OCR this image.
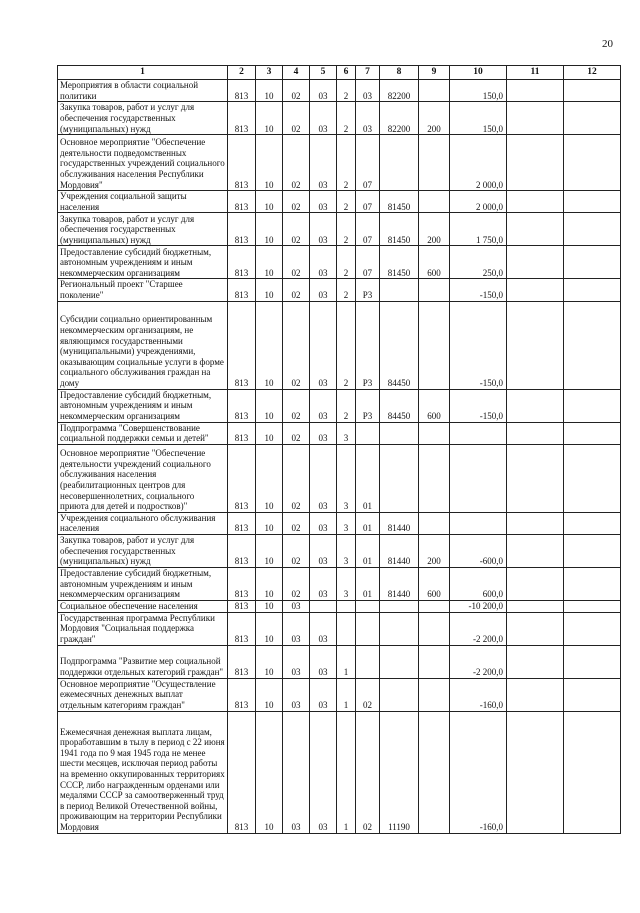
20
1	2	3	4	5	6	7	8	9	10	11	12
Мероприятия в области социальной политики	813	10	02	03	2	03	82200		150,0		
Закупка товаров, работ и услуг для обеспечения государственных (муниципальных) нужд	813	10	02	03	2	03	82200	200	150,0		
Основное мероприятие "Обеспечение деятельности подведомственных государственных учреждений социального обслуживания населения Республики Мордовия"	813	10	02	03	2	07			2 000,0		
Учреждения социальной защиты населения	813	10	02	03	2	07	81450		2 000,0		
Закупка товаров, работ и услуг для обеспечения государственных (муниципальных) нужд	813	10	02	03	2	07	81450	200	1 750,0		
Предоставление субсидий бюджетным, автономным учреждениям и иным некоммерческим организациям	813	10	02	03	2	07	81450	600	250,0		
Региональный проект "Старшее поколение"	813	10	02	03	2	P3			-150,0		
Субсидии социально ориентированным некоммерческим организациям, не являющимся государственными (муниципальными) учреждениями, оказывающим социальные услуги в форме социального обслуживания граждан на дому	813	10	02	03	2	P3	84450		-150,0		
Предоставление субсидий бюджетным, автономным учреждениям и иным некоммерческим организациям	813	10	02	03	2	P3	84450	600	-150,0		
Подпрограмма "Совершенствование социальной поддержки семьи и детей"	813	10	02	03	3						
Основное мероприятие "Обеспечение деятельности учреждений социального обслуживания населения (реабилитационных центров для несовершеннолетних, социального приюта для детей и подростков)"	813	10	02	03	3	01					
Учреждения социального обслуживания населения	813	10	02	03	3	01	81440				
Закупка товаров, работ и услуг для обеспечения государственных (муниципальных) нужд	813	10	02	03	3	01	81440	200	-600,0		
Предоставление субсидий бюджетным, автономным учреждениям и иным некоммерческим организациям	813	10	02	03	3	01	81440	600	600,0		
Социальное обеспечение населения	813	10	03						-10 200,0		
Государственная программа Республики Мордовия "Социальная поддержка граждан"	813	10	03	03					-2 200,0		
Подпрограмма "Развитие мер социальной поддержки отдельных категорий граждан"	813	10	03	03	1				-2 200,0		
Основное мероприятие "Осуществление ежемесячных денежных выплат отдельным категориям граждан"	813	10	03	03	1	02			-160,0		
Ежемесячная денежная выплата лицам, проработавшим в тылу в период с 22 июня 1941 года по 9 мая 1945 года не менее шести месяцев, исключая период работы на временно оккупированных территориях СССР, либо награжденным орденами или медалями СССР за самоотверженный труд в период Великой Отечественной войны, проживающим на территории Республики Мордовия	813	10	03	03	1	02	11190		-160,0		
